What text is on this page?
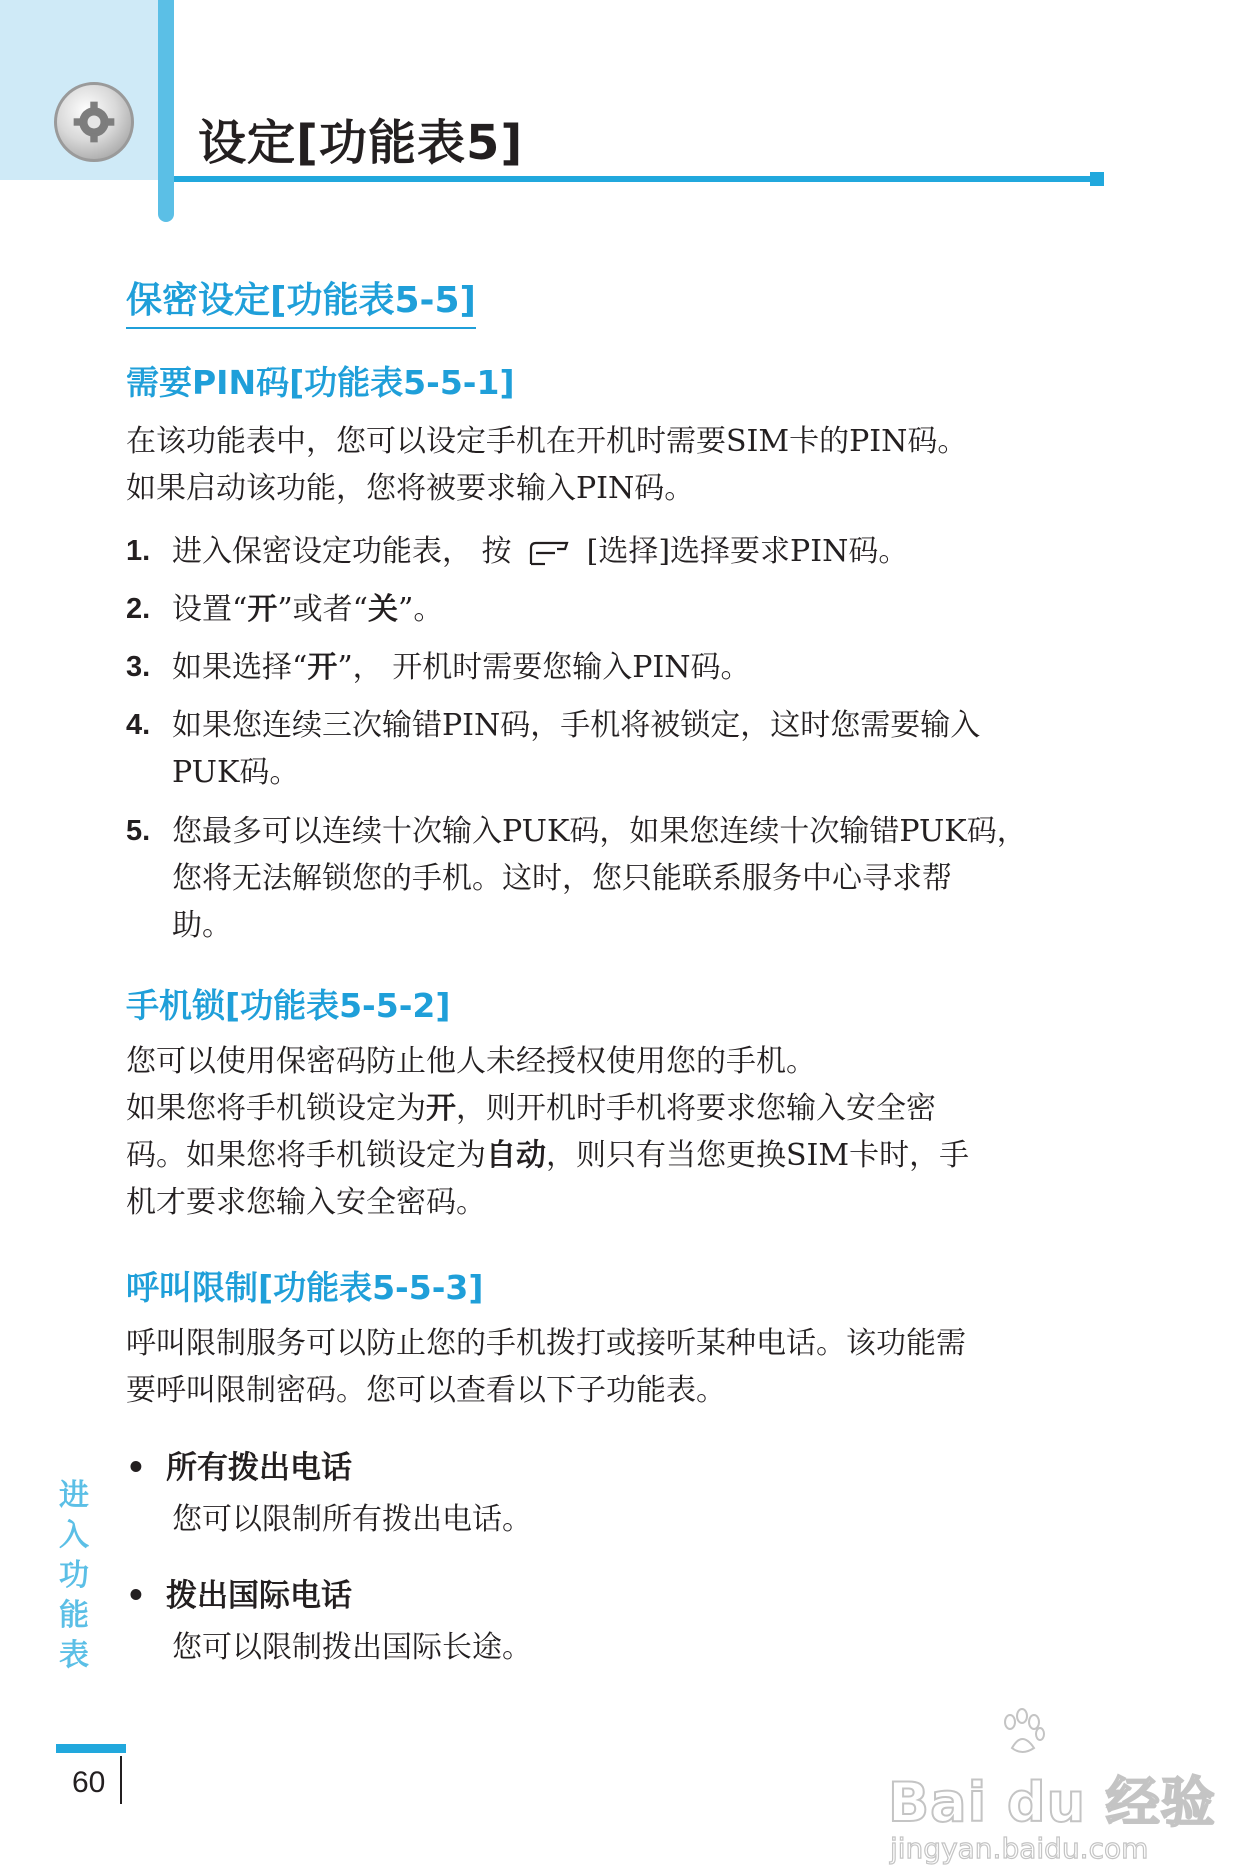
设定[功能表5]
保密设定[功能表5-5]
需要PIN码[功能表5-5-1]
在该功能表中，您可以设定手机在开机时需要SIM卡的PIN码。
如果启动该功能，您将被要求输入PIN码。
1. 进入保密设定功能表， 按	[选择]选择要求PIN码。
2. 设置“开”或者“关”。
3. 如果选择“开”， 开机时需要您输入PIN码。
4. 如果您连续三次输错PIN码，手机将被锁定，这时您需要输入
PUK码。
5. 您最多可以连续十次输入PUK码，如果您连续十次输错PUK码，
您将无法解锁您的手机。这时，您只能联系服务中心寻求帮
助。
手机锁[功能表5-5-2]
您可以使用保密码防止他人未经授权使用您的手机。
如果您将手机锁设定为开，则开机时手机将要求您输入安全密
码。如果您将手机锁设定为自动，则只有当您更换SIM卡时，手
机才要求您输入安全密码。
呼叫限制[功能表5-5-3]
呼叫限制服务可以防止您的手机拨打或接听某种电话。该功能需
要呼叫限制密码。您可以查看以下子功能表。
• 所有拨出电话
您可以限制所有拨出电话。
• 拨出国际电话
您可以限制拨出国际长途。
进入功能表
60	Bai du 经验
jingyan.baidu.com
